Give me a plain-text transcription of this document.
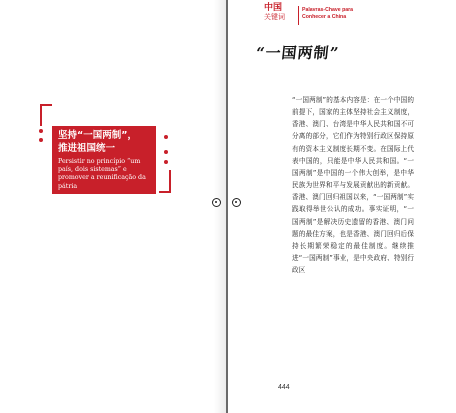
坚持“一国两制”，
推进祖国统一
Persistir no princípio “um país, dois sistemas” e promover a reunificação da pátria
中国
关键词
Palavras-Chave para
Conhecer a China
“一国两制”

“一国两制”的基本内容是：在一个中国的前提下，国家的主体坚持社会主义制度，香港、澳门、台湾是中华人民共和国不可分离的部分，它们作为特别行政区保持原有的资本主义制度长期不变。在国际上代表中国的，只能是中华人民共和国。“一国两制”是中国的一个伟大创举，是中华民族为世界和平与发展贡献出的新贡献。香港、澳门回归祖国以来，“一国两制”实践取得举世公认的成功。事实证明，“一国两制”是解决历史遗留的香港、澳门问题的最佳方案，也是香港、澳门回归后保持长期繁荣稳定的最佳制度。继续推进“一国两制”事业，是中央政府、特别行政区

444
